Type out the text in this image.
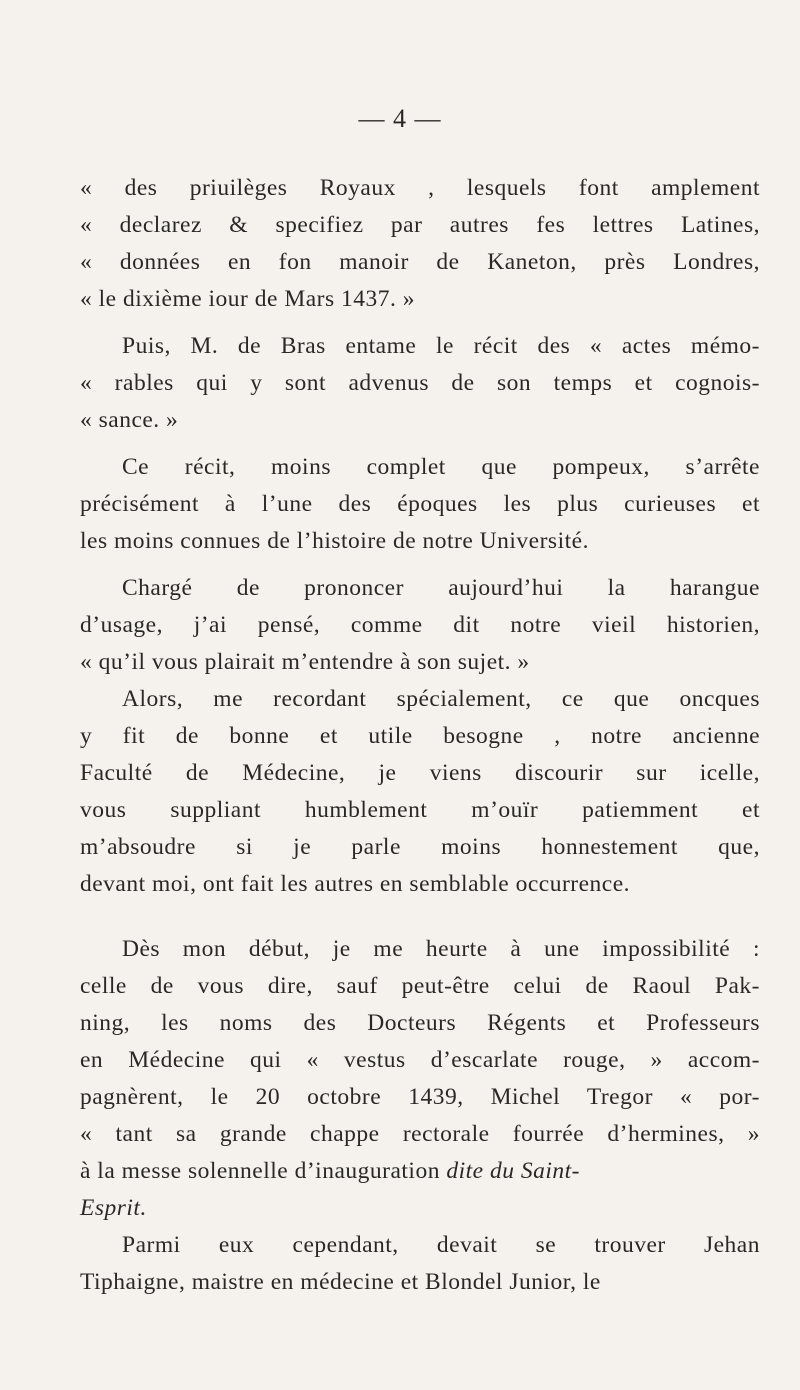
— 4 —
« des priuilèges Royaux , lesquels font amplement
« declarez & specifiez par autres fes lettres Latines,
« données en fon manoir de Kaneton, près Londres,
« le dixième iour de Mars 1437. »
Puis, M. de Bras entame le récit des « actes mémo-
« rables qui y sont advenus de son temps et cognois-
« sance. »
Ce récit, moins complet que pompeux, s’arrête
précisément à l’une des époques les plus curieuses et
les moins connues de l’histoire de notre Université.
Chargé de prononcer aujourd’hui la harangue
d’usage, j’ai pensé, comme dit notre vieil historien,
« qu’il vous plairait m’entendre à son sujet. »
Alors, me recordant spécialement, ce que oncques
y fit de bonne et utile besogne , notre ancienne
Faculté de Médecine, je viens discourir sur icelle,
vous suppliant humblement m’ouïr patiemment et
m’absoudre si je parle moins honnestement que,
devant moi, ont fait les autres en semblable occurrence.
Dès mon début, je me heurte à une impossibilité :
celle de vous dire, sauf peut-être celui de Raoul Pak-
ning, les noms des Docteurs Régents et Professeurs
en Médecine qui « vestus d’escarlate rouge, » accom-
pagnèrent, le 20 octobre 1439, Michel Tregor « por-
« tant sa grande chappe rectorale fourrée d’hermines, »
à la messe solennelle d’inauguration dite du Saint-
Esprit.
Parmi eux cependant, devait se trouver Jehan
Tiphaigne, maistre en médecine et Blondel Junior, le
